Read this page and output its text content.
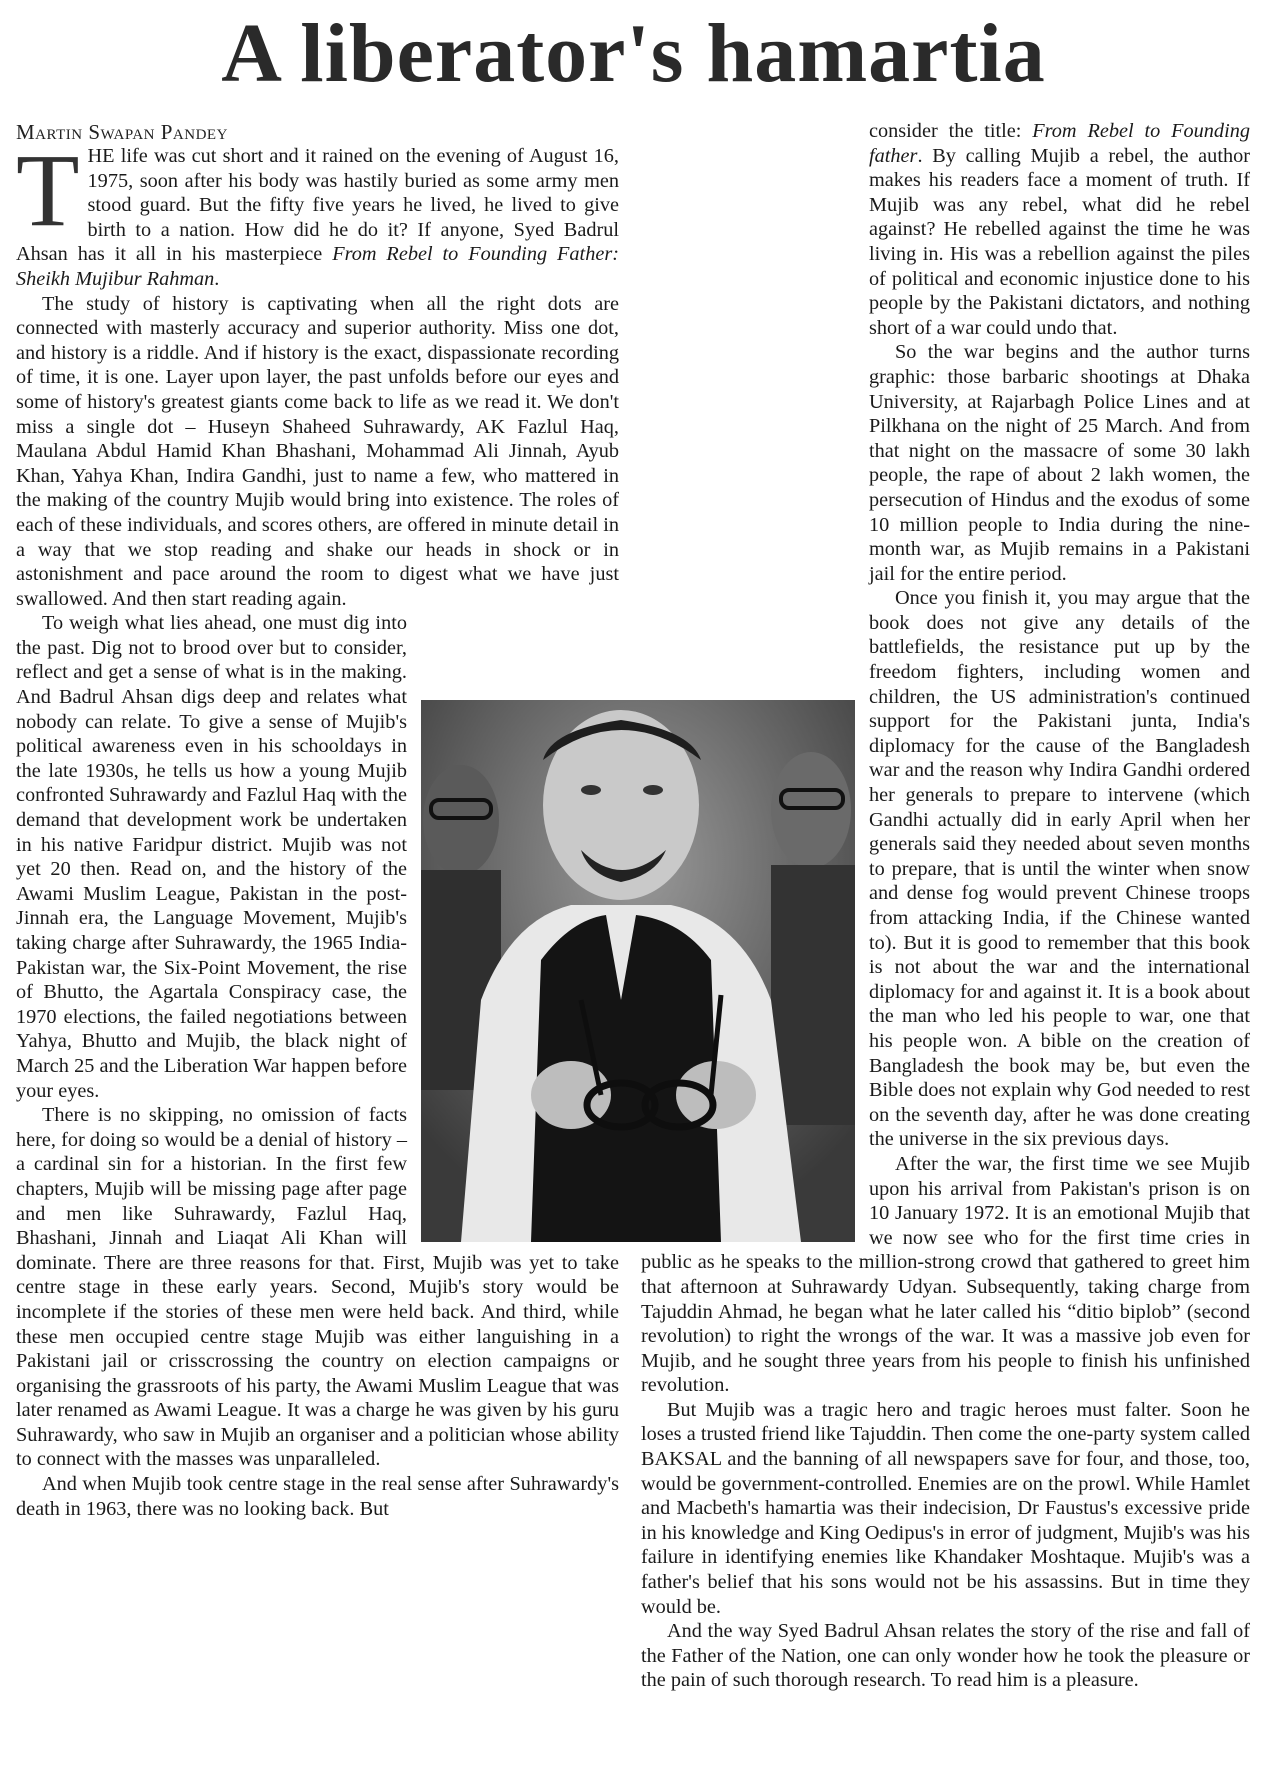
A liberator's hamartia
Martin Swapan Pandey

THE life was cut short and it rained on the evening of August 16, 1975, soon after his body was hastily buried as some army men stood guard. But the fifty five years he lived, he lived to give birth to a nation. How did he do it? If anyone, Syed Badrul Ahsan has it all in his masterpiece From Rebel to Founding Father: Sheikh Mujibur Rahman.

The study of history is captivating when all the right dots are connected with masterly accuracy and superior authority. Miss one dot, and history is a riddle. And if history is the exact, dispassionate recording of time, it is one. Layer upon layer, the past unfolds before our eyes and some of history's greatest giants come back to life as we read it. We don't miss a single dot – Huseyn Shaheed Suhrawardy, AK Fazlul Haq, Maulana Abdul Hamid Khan Bhashani, Mohammad Ali Jinnah, Ayub Khan, Yahya Khan, Indira Gandhi, just to name a few, who mattered in the making of the country Mujib would bring into existence. The roles of each of these individuals, and scores others, are offered in minute detail in a way that we stop reading and shake our heads in shock or in astonishment and pace around the room to digest what we have just swallowed. And then start reading again.

To weigh what lies ahead, one must dig into the past. Dig not to brood over but to consider, reflect and get a sense of what is in the making. And Badrul Ahsan digs deep and relates what nobody can relate. To give a sense of Mujib's political awareness even in his schooldays in the late 1930s, he tells us how a young Mujib confronted Suhrawardy and Fazlul Haq with the demand that development work be undertaken in his native Faridpur district. Mujib was not yet 20 then. Read on, and the history of the Awami Muslim League, Pakistan in the post-Jinnah era, the Language Movement, Mujib's taking charge after Suhrawardy, the 1965 India-Pakistan war, the Six-Point Movement, the rise of Bhutto, the Agartala Conspiracy case, the 1970 elections, the failed negotiations between Yahya, Bhutto and Mujib, the black night of March 25 and the Liberation War happen before your eyes.

There is no skipping, no omission of facts here, for doing so would be a denial of history – a cardinal sin for a historian. In the first few chapters, Mujib will be missing page after page and men like Suhrawardy, Fazlul Haq, Bhashani, Jinnah and Liaqat Ali Khan will dominate. There are three reasons for that. First, Mujib was yet to take centre stage in these early years. Second, Mujib's story would be incomplete if the stories of these men were held back. And third, while these men occupied centre stage Mujib was either languishing in a Pakistani jail or crisscrossing the country on election campaigns or organising the grassroots of his party, the Awami Muslim League that was later renamed as Awami League. It was a charge he was given by his guru Suhrawardy, who saw in Mujib an organiser and a politician whose ability to connect with the masses was unparalleled.

And when Mujib took centre stage in the real sense after Suhrawardy's death in 1963, there was no looking back. But

consider the title: From Rebel to Founding father. By calling Mujib a rebel, the author makes his readers face a moment of truth. If Mujib was any rebel, what did he rebel against? He rebelled against the time he was living in. His was a rebellion against the piles of political and economic injustice done to his people by the Pakistani dictators, and nothing short of a war could undo that.

So the war begins and the author turns graphic: those barbaric shootings at Dhaka University, at Rajarbagh Police Lines and at Pilkhana on the night of 25 March. And from that night on the massacre of some 30 lakh people, the rape of about 2 lakh women, the persecution of Hindus and the exodus of some 10 million people to India during the nine-month war, as Mujib remains in a Pakistani jail for the entire period.

Once you finish it, you may argue that the book does not give any details of the battlefields, the resistance put up by the freedom fighters, including women and children, the US administration's continued support for the Pakistani junta, India's diplomacy for the cause of the Bangladesh war and the reason why Indira Gandhi ordered her generals to prepare to intervene (which Gandhi actually did in early April when her generals said they needed about seven months to prepare, that is until the winter when snow and dense fog would prevent Chinese troops from attacking India, if the Chinese wanted to). But it is good to remember that this book is not about the war and the international diplomacy for and against it. It is a book about the man who led his people to war, one that his people won. A bible on the creation of Bangladesh the book may be, but even the Bible does not explain why God needed to rest on the seventh day, after he was done creating the universe in the six previous days.

After the war, the first time we see Mujib upon his arrival from Pakistan's prison is on 10 January 1972. It is an emotional Mujib that we now see who for the first time cries in public as he speaks to the million-strong crowd that gathered to greet him that afternoon at Suhrawardy Udyan. Subsequently, taking charge from Tajuddin Ahmad, he began what he later called his “ditio biplob” (second revolution) to right the wrongs of the war. It was a massive job even for Mujib, and he sought three years from his people to finish his unfinished revolution.

But Mujib was a tragic hero and tragic heroes must falter. Soon he loses a trusted friend like Tajuddin. Then come the one-party system called BAKSAL and the banning of all newspapers save for four, and those, too, would be government-controlled. Enemies are on the prowl. While Hamlet and Macbeth's hamartia was their indecision, Dr Faustus's excessive pride in his knowledge and King Oedipus's in error of judgment, Mujib's was his failure in identifying enemies like Khandaker Moshtaque. Mujib's was a father's belief that his sons would not be his assassins. But in time they would be.

And the way Syed Badrul Ahsan relates the story of the rise and fall of the Father of the Nation, one can only wonder how he took the pleasure or the pain of such thorough research. To read him is a pleasure.
